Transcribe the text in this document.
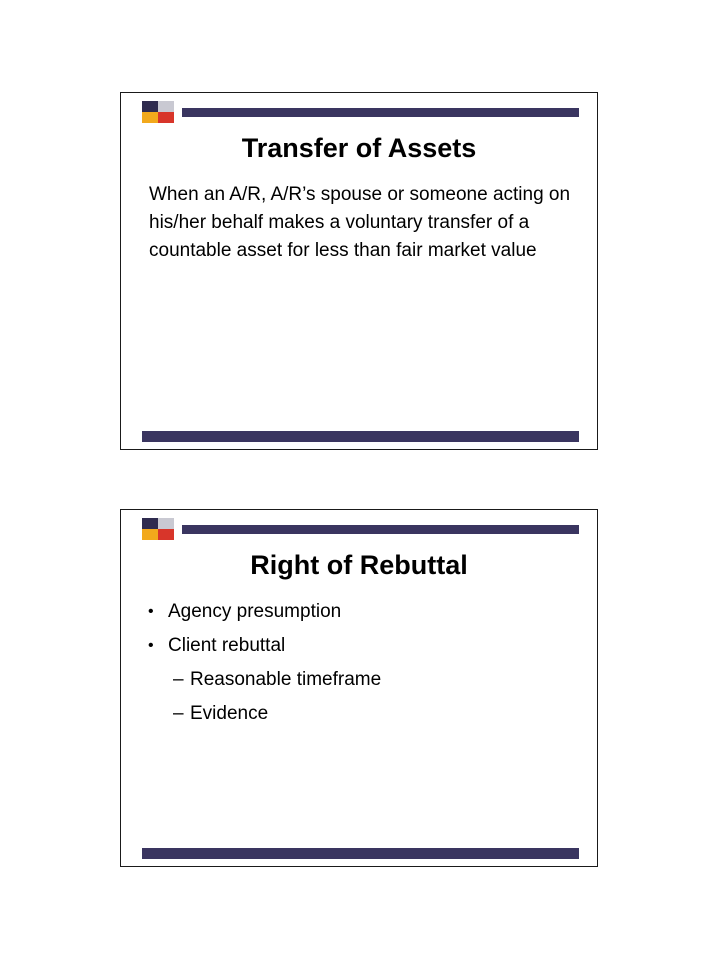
Transfer of Assets

When an A/R, A/R’s spouse or someone acting on his/her behalf makes a voluntary transfer of a countable asset for less than fair market value

Right of Rebuttal
• Agency presumption
• Client rebuttal
– Reasonable timeframe
– Evidence
